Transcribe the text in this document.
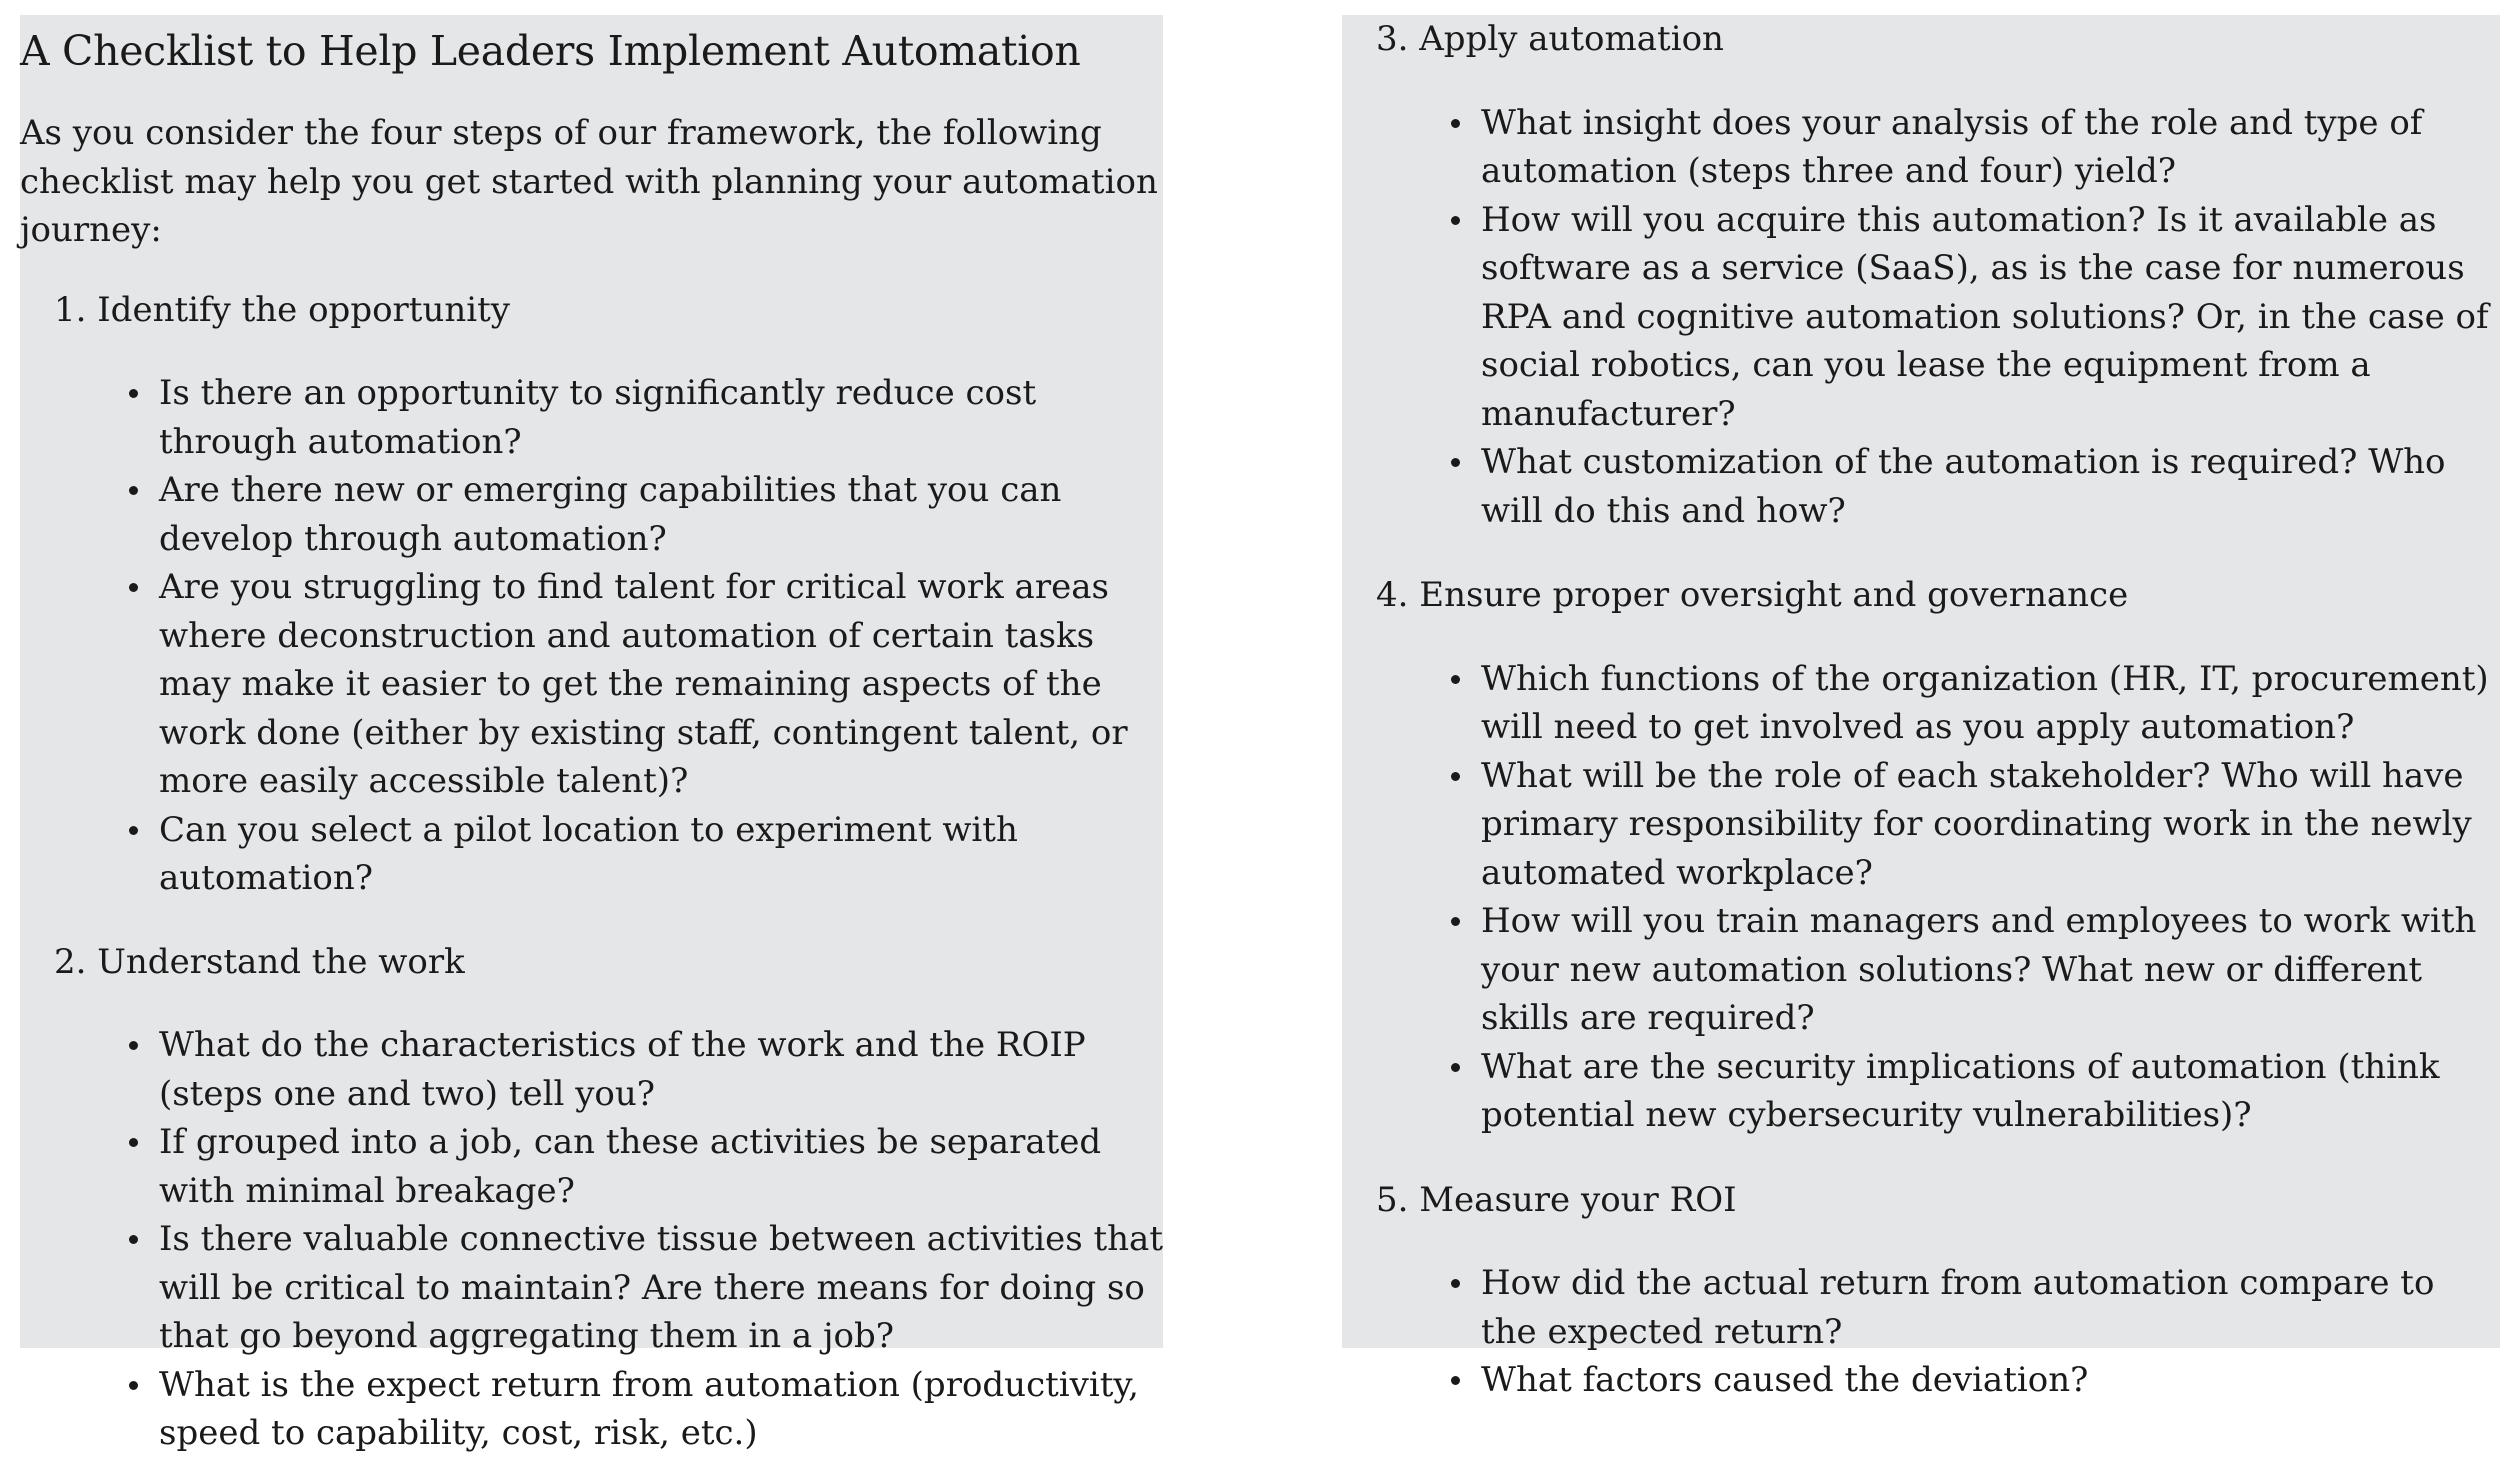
A Checklist to Help Leaders Implement Automation

As you consider the four steps of our framework, the following checklist may help you get started with planning your automation journey:

1. Identify the opportunity

Is there an opportunity to significantly reduce cost through automation?
Are there new or emerging capabilities that you can develop through automation?
Are you struggling to find talent for critical work areas where deconstruction and automation of certain tasks may make it easier to get the remaining aspects of the work done (either by existing staff, contingent talent, or more easily accessible talent)?
Can you select a pilot location to experiment with automation?

2. Understand the work

What do the characteristics of the work and the ROIP (steps one and two) tell you?
If grouped into a job, can these activities be separated with minimal breakage?
Is there valuable connective tissue between activities that will be critical to maintain? Are there means for doing so that go beyond aggregating them in a job?
What is the expect return from automation (productivity, speed to capability, cost, risk, etc.)

3. Apply automation

What insight does your analysis of the role and type of automation (steps three and four) yield?
How will you acquire this automation? Is it available as software as a service (SaaS), as is the case for numerous RPA and cognitive automation solutions? Or, in the case of social robotics, can you lease the equipment from a manufacturer?
What customization of the automation is required? Who will do this and how?

4. Ensure proper oversight and governance

Which functions of the organization (HR, IT, procurement) will need to get involved as you apply automation?
What will be the role of each stakeholder? Who will have primary responsibility for coordinating work in the newly automated workplace?
How will you train managers and employees to work with your new automation solutions? What new or different skills are required?
What are the security implications of automation (think potential new cybersecurity vulnerabilities)?

5. Measure your ROI

How did the actual return from automation compare to the expected return?
What factors caused the deviation?
